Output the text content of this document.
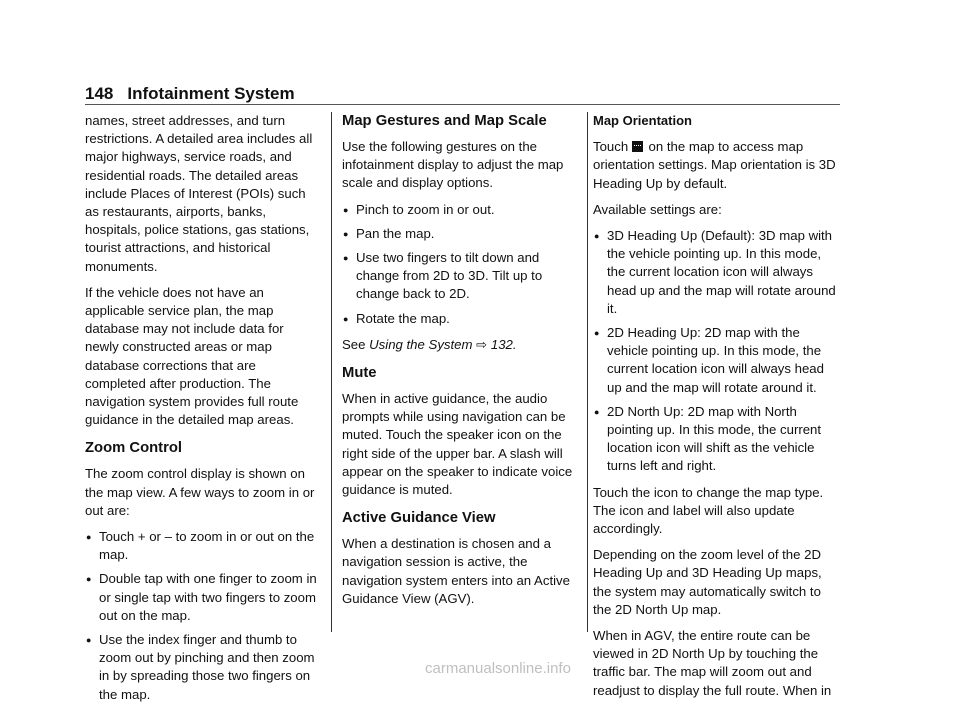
148 Infotainment System

names, street addresses, and turn restrictions. A detailed area includes all major highways, service roads, and residential roads. The detailed areas include Places of Interest (POIs) such as restaurants, airports, banks, hospitals, police stations, gas stations, tourist attractions, and historical monuments.

If the vehicle does not have an applicable service plan, the map database may not include data for newly constructed areas or map database corrections that are completed after production. The navigation system provides full route guidance in the detailed map areas.

Zoom Control

The zoom control display is shown on the map view. A few ways to zoom in or out are:

● Touch + or – to zoom in or out on the map.
● Double tap with one finger to zoom in or single tap with two fingers to zoom out on the map.
● Use the index finger and thumb to zoom out by pinching and then zoom in by spreading those two fingers on the map.
Map Gestures and Map Scale

Use the following gestures on the infotainment display to adjust the map scale and display options.

● Pinch to zoom in or out.
● Pan the map.
● Use two fingers to tilt down and change from 2D to 3D. Tilt up to change back to 2D.
● Rotate the map.

See Using the System ⇨ 132.

Mute

When in active guidance, the audio prompts while using navigation can be muted. Touch the speaker icon on the right side of the upper bar. A slash will appear on the speaker to indicate voice guidance is muted.

Active Guidance View

When a destination is chosen and a navigation session is active, the navigation system enters into an Active Guidance View (AGV).

Map Orientation

Touch  on the map to access map orientation settings. Map orientation is 3D Heading Up by default.

Available settings are:

● 3D Heading Up (Default): 3D map with the vehicle pointing up. In this mode, the current location icon will always head up and the map will rotate around it.
● 2D Heading Up: 2D map with the vehicle pointing up. In this mode, the current location icon will always head up and the map will rotate around it.
● 2D North Up: 2D map with North pointing up. In this mode, the current location icon will shift as the vehicle turns left and right.

Touch the icon to change the map type. The icon and label will also update accordingly.

Depending on the zoom level of the 2D Heading Up and 3D Heading Up maps, the system may automatically switch to the 2D North Up map.

When in AGV, the entire route can be viewed in 2D North Up by touching the traffic bar. The map will zoom out and readjust to display the full route. When in

carmanualsonline.info
